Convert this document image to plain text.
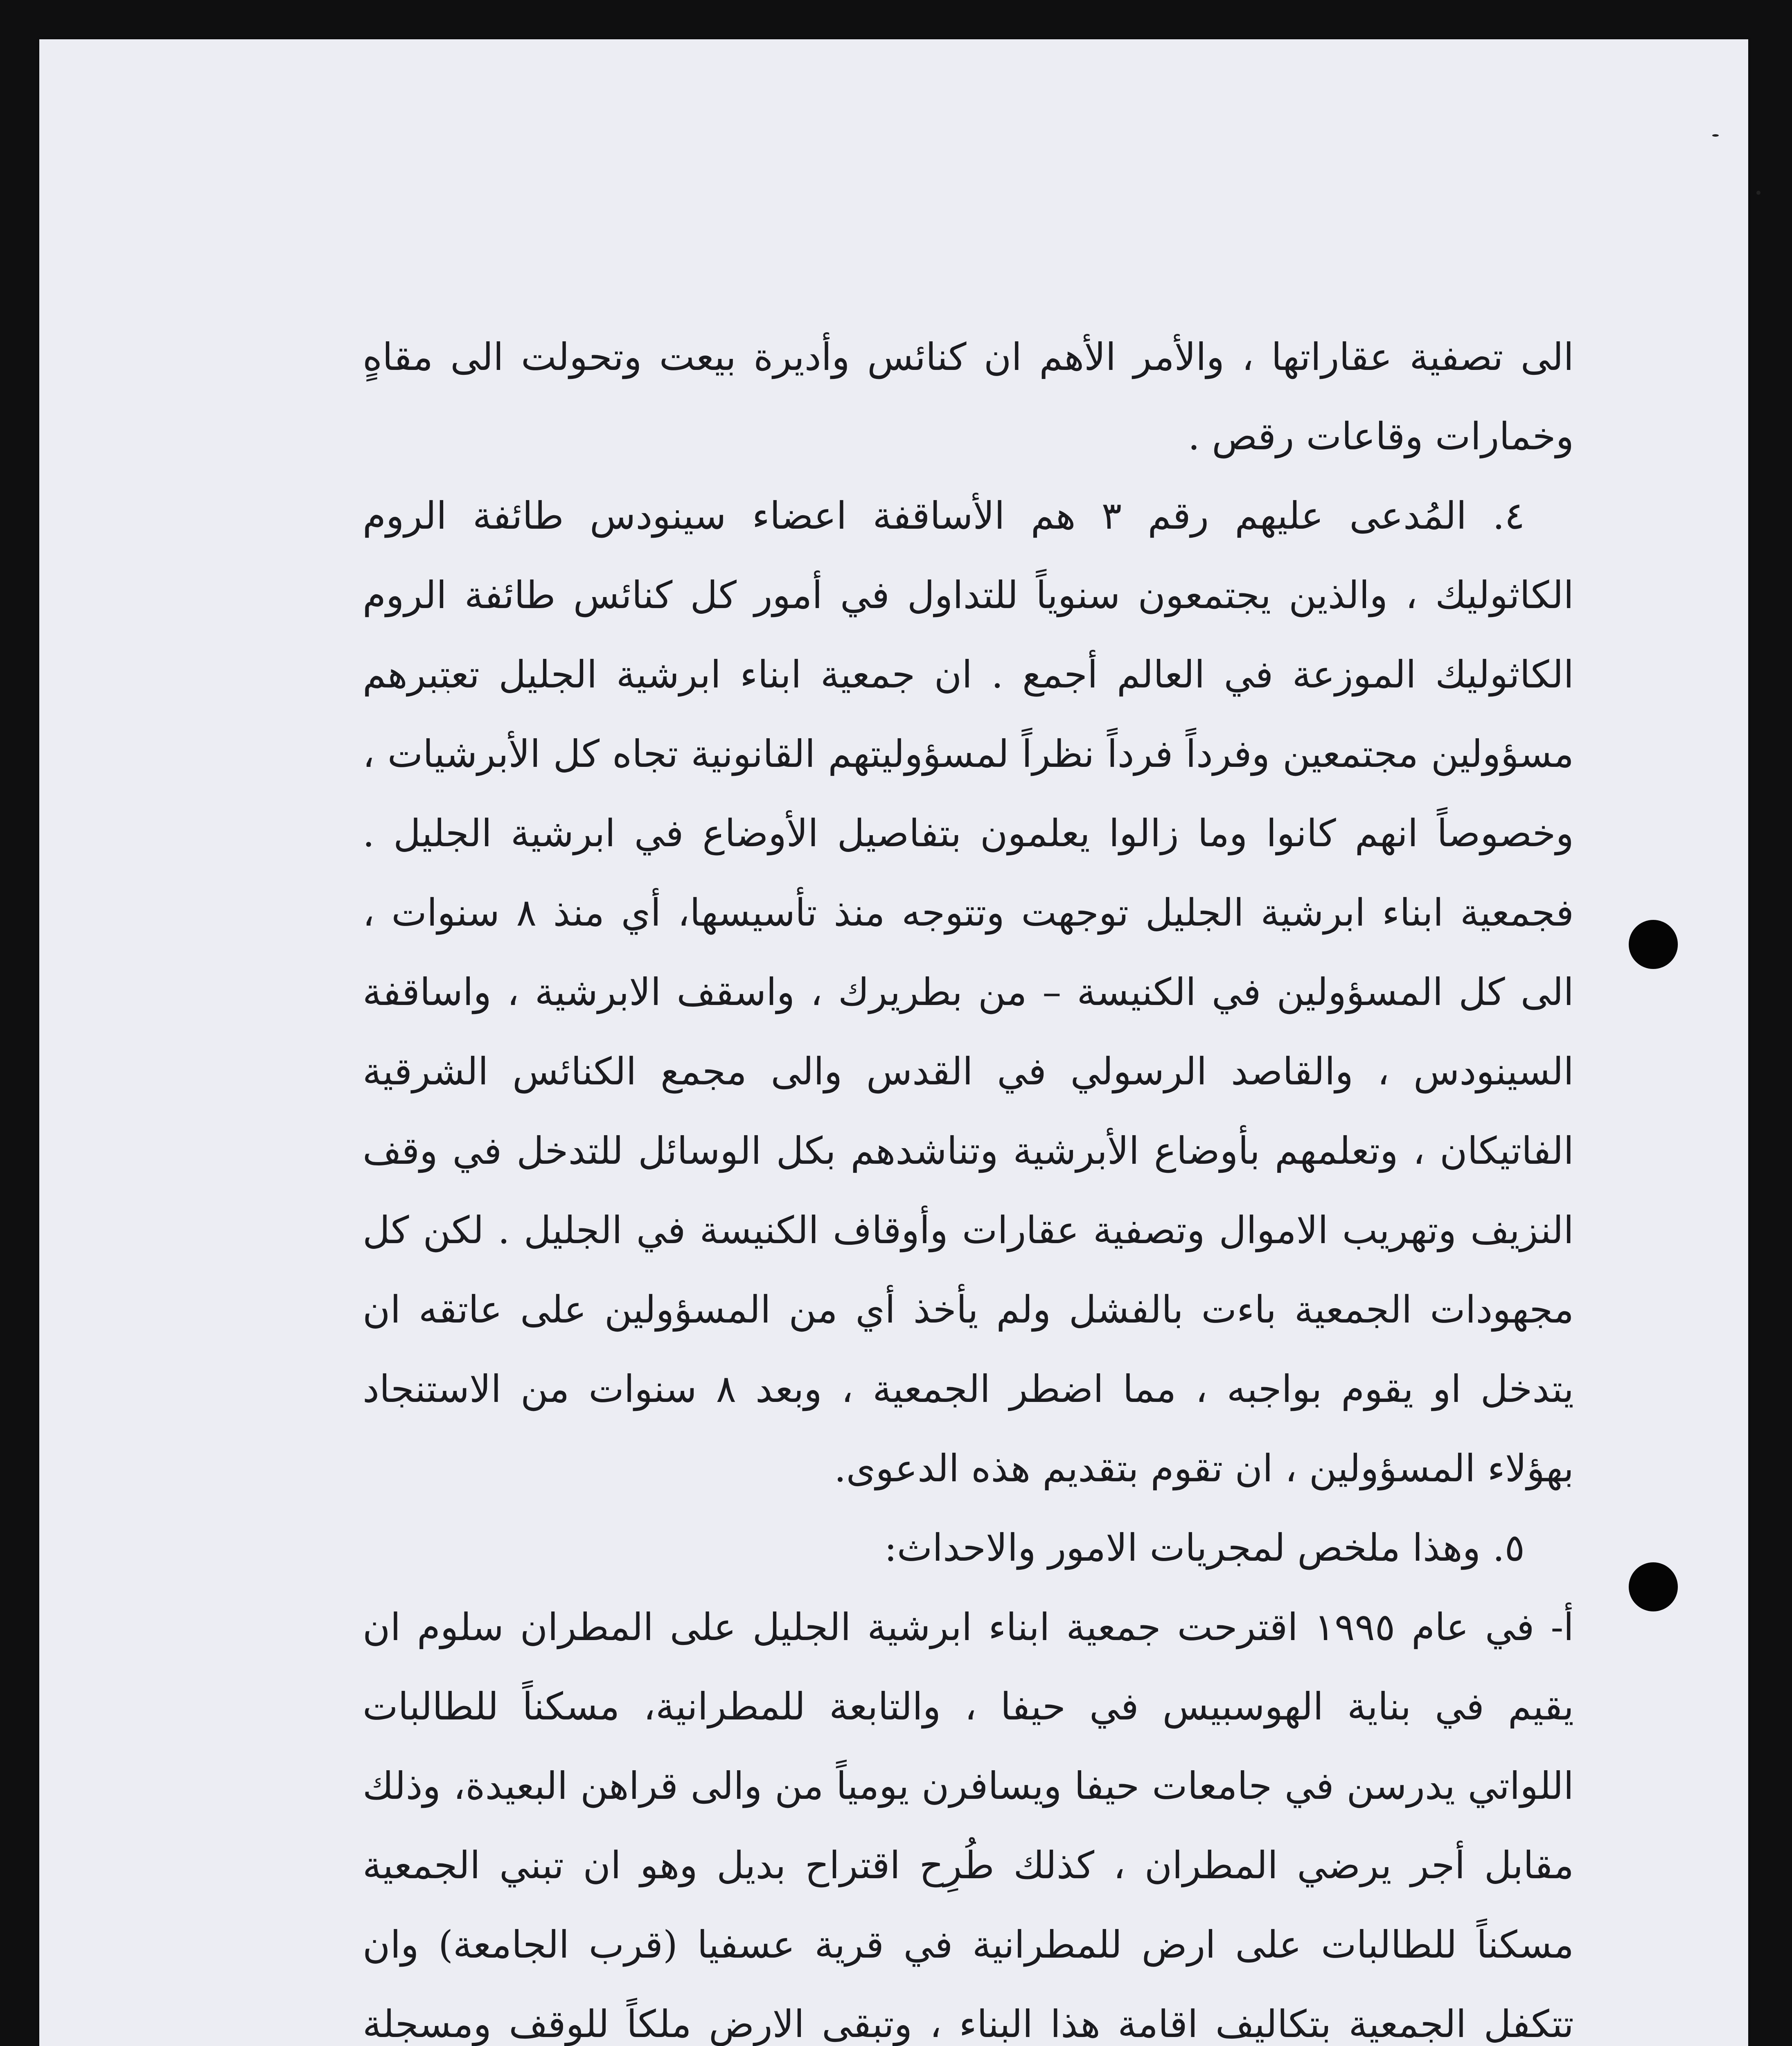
الى تصفية عقاراتها ، والأمر الأهم ان كنائس وأديرة بيعت وتحولت الى مقاهٍ وخمارات وقاعات رقص .

٤. المُدعى عليهم رقم ٣ هم الأساقفة اعضاء سينودس طائفة الروم الكاثوليك ، والذين يجتمعون سنوياً للتداول في أمور كل كنائس طائفة الروم الكاثوليك الموزعة في العالم أجمع . ان جمعية ابناء ابرشية الجليل تعتبرهم مسؤولين مجتمعين وفرداً فرداً نظراً لمسؤوليتهم القانونية تجاه كل الأبرشيات ، وخصوصاً انهم كانوا وما زالوا يعلمون بتفاصيل الأوضاع في ابرشية الجليل . فجمعية ابناء ابرشية الجليل توجهت وتتوجه منذ تأسيسها، أي منذ ٨ سنوات ، الى كل المسؤولين في الكنيسة – من بطريرك ، واسقف الابرشية ، واساقفة السينودس ، والقاصد الرسولي في القدس والى مجمع الكنائس الشرقية الفاتيكان ، وتعلمهم بأوضاع الأبرشية وتناشدهم بكل الوسائل للتدخل في وقف النزيف وتهريب الاموال وتصفية عقارات وأوقاف الكنيسة في الجليل . لكن كل مجهودات الجمعية باءت بالفشل ولم يأخذ أي من المسؤولين على عاتقه ان يتدخل او يقوم بواجبه ، مما اضطر الجمعية ، وبعد ٨ سنوات من الاستنجاد بهؤلاء المسؤولين ، ان تقوم بتقديم هذه الدعوى.

٥. وهذا ملخص لمجريات الامور والاحداث:

أ- في عام ١٩٩٥ اقترحت جمعية ابناء ابرشية الجليل على المطران سلوم ان يقيم في بناية الهوسبيس في حيفا ، والتابعة للمطرانية، مسكناً للطالبات اللواتي يدرسن في جامعات حيفا ويسافرن يومياً من والى قراهن البعيدة، وذلك مقابل أجر يرضي المطران ، كذلك طُرِح اقتراح بديل وهو ان تبني الجمعية مسكناً للطالبات على ارض للمطرانية في قرية عسفيا (قرب الجامعة) وان تتكفل الجمعية بتكاليف اقامة هذا البناء ، وتبقى الارض ملكاً للوقف ومسجلة
